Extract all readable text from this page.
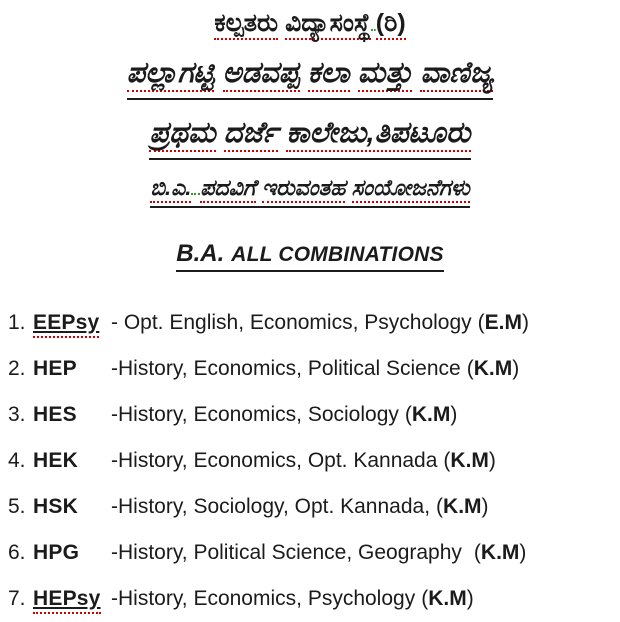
ಕಲ್ಪತರು ವಿದ್ಯಾಸಂಸ್ಥೆ (ರಿ)
ಪಲ್ಲಾಗಟ್ಟಿ ಅಡವಪ್ಪ ಕಲಾ ಮತ್ತು ವಾಣಿಜ್ಯ
ಪ್ರಥಮ ದರ್ಜೆ ಕಾಲೇಜು,ತಿಪಟೂರು
ಬಿ.ಎ. ಪದವಿಗೆ ಇರುವಂತಹ ಸಂಯೋಜನೆಗಳು
B.A. ALL COMBINATIONS
1. EEPsy - Opt. English, Economics, Psychology (E.M)
2. HEP	-History, Economics, Political Science (K.M)
3. HES	-History, Economics, Sociology (K.M)
4. HEK	-History, Economics, Opt. Kannada (K.M)
5. HSK	-History, Sociology, Opt. Kannada, (K.M)
6. HPG	-History, Political Science, Geography (K.M)
7. HEPsy -History, Economics, Psychology (K.M)
